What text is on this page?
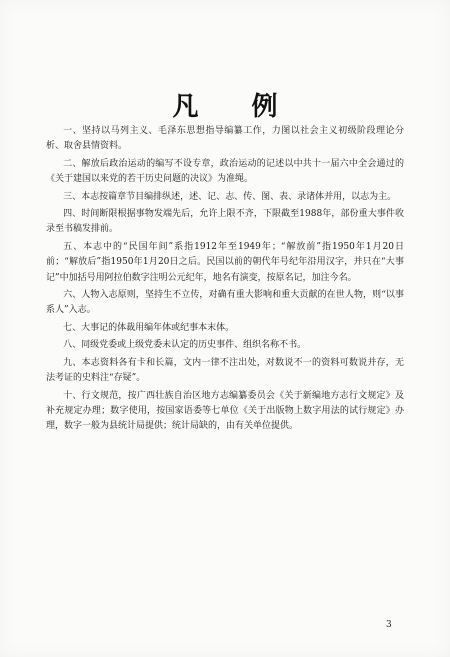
凡 例

一、坚持以马列主义、毛泽东思想指导编纂工作，力图以社会主义初级阶段理论分析、取舍县情资料。

二、解放后政治运动的编写不设专章，政治运动的记述以中共十一届六中全会通过的《关于建国以来党的若干历史问题的决议》为准绳。

三、本志按篇章节目编排纵述，述、记、志、传、图、表、录诸体并用，以志为主。

四、时间断限根据事物发端先后，允许上限不齐，下限截至1988年，部份重大事件收录至书稿发排前。

五、本志中的“民国年间”系指1912年至1949年；“解放前”指1950年1月20日前；“解放后”指1950年1月20日之后。民国以前的朝代年号纪年沿用汉字，并只在“大事记”中加括号用阿拉伯数字注明公元纪年，地名有演变，按原名记，加注今名。

六、人物入志原则，坚持生不立传，对确有重大影响和重大贡献的在世人物，则“以事系人”入志。

七、大事记的体裁用编年体或纪事本末体。

八、同级党委或上级党委未认定的历史事件、组织名称不书。

九、本志资料各有卡和长篇，文内一律不注出处，对数说不一的资料可数说并存，无法考证的史料注“存疑”。

十、行文规范，按广西壮族自治区地方志编纂委员会《关于新编地方志行文规定》及补充规定办理；数字使用，按国家语委等七单位《关于出版物上数字用法的试行规定》办理，数字一般为县统计局提供；统计局缺的，由有关单位提供。

3
